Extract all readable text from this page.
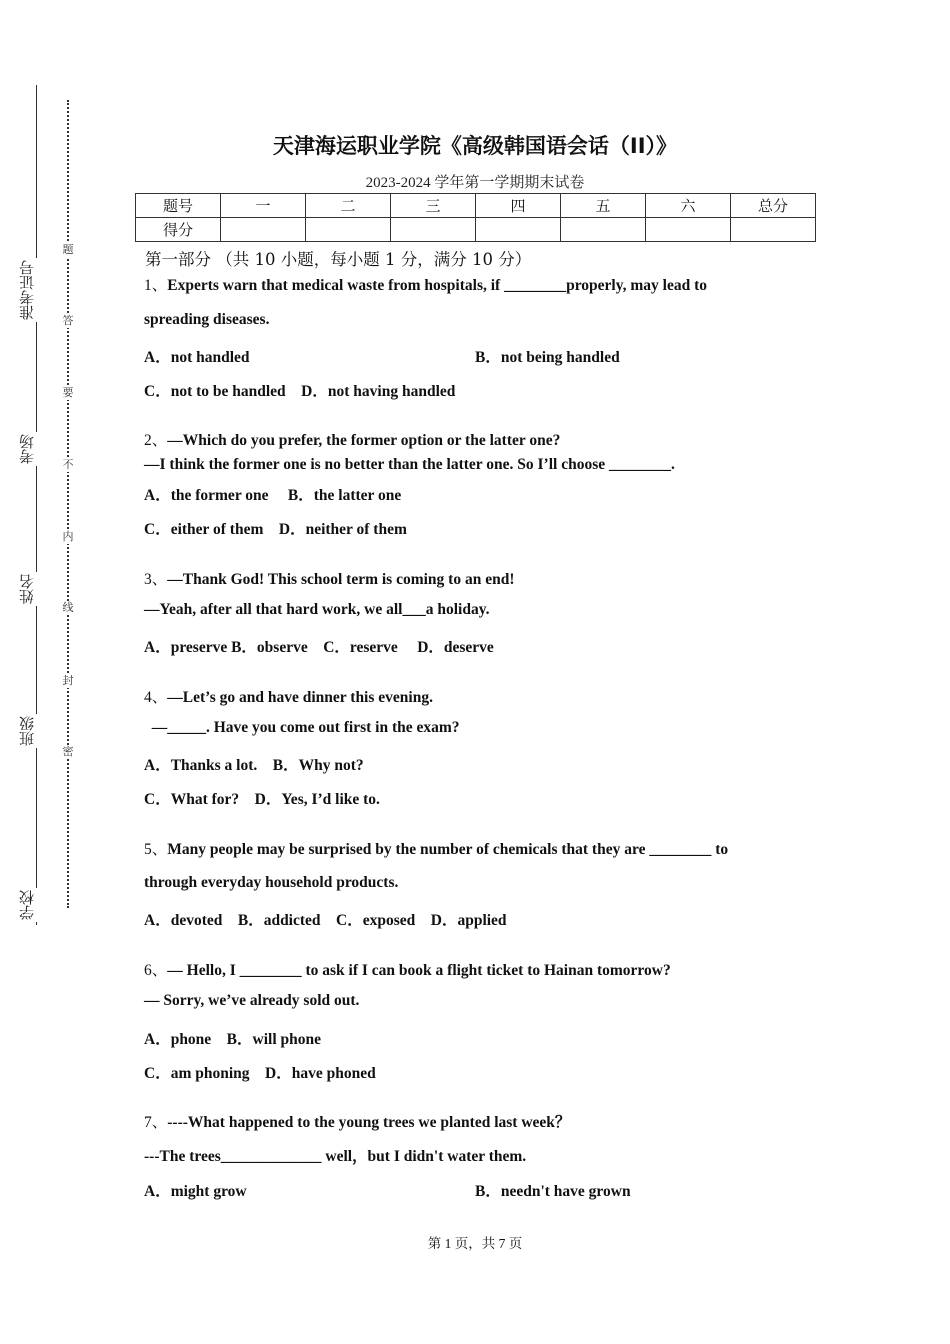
准考证号
考场
姓名
班级
学校
题
答
要
不
内
线
封
密
天津海运职业学院《高级韩国语会话（II）》
2023-2024 学年第一学期期末试卷
题号	一	二	三	四	五	六	总分
得分							
第一部分 （共 10 小题，每小题 1 分，满分 10 分）
1、Experts warn that medical waste from hospitals, if ________properly, may lead to
spreading diseases.
A．not handled	B．not being handled
C．not to be handled　D．not having handled
2、—Which do you prefer, the former option or the latter one?
—I think the former one is no better than the latter one. So I’ll choose ________.
A．the former one　 B．the latter one
C．either of them　D．neither of them
3、—Thank God! This school term is coming to an end!
—Yeah, after all that hard work, we all___a holiday.
A．preserve B．observe　C．reserve　 D．deserve
4、—Let’s go and have dinner this evening.
—_____. Have you come out first in the exam?
A．Thanks a lot.　B．Why not?
C．What for?　D．Yes, I’d like to.
5、Many people may be surprised by the number of chemicals that they are ________ to
through everyday household products.
A．devoted　B．addicted　C．exposed　D．applied
6、— Hello, I ________ to ask if I can book a flight ticket to Hainan tomorrow?
— Sorry, we’ve already sold out.
A．phone　B．will phone
C．am phoning　D．have phoned
7、----What happened to the young trees we planted last week？
---The trees_____________ well，but I didn't water them.
A．might grow	B．needn't have grown
第 1 页，共 7 页
